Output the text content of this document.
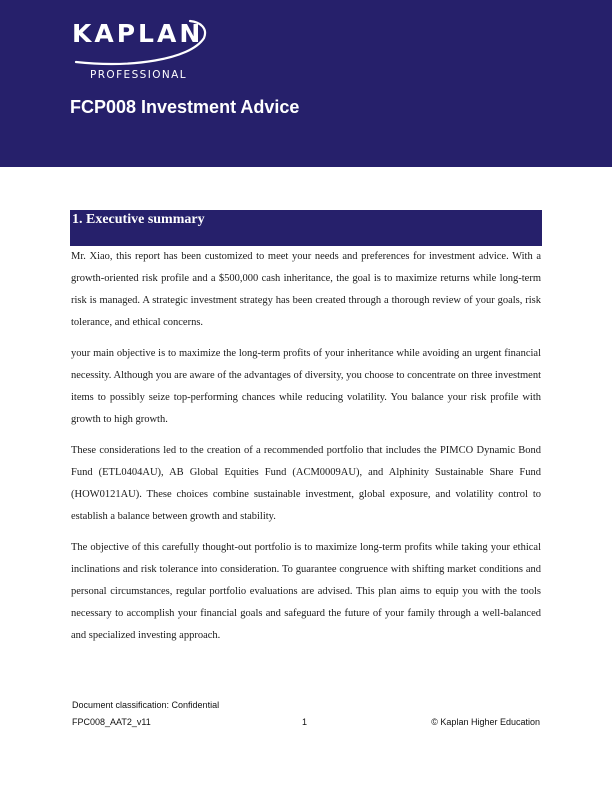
KAPLAN
PROFESSIONAL
FCP008 Investment Advice
1. Executive summary

Mr. Xiao, this report has been customized to meet your needs and preferences for investment advice. With a growth-oriented risk profile and a $500,000 cash inheritance, the goal is to maximize returns while long-term risk is managed. A strategic investment strategy has been created through a thorough review of your goals, risk tolerance, and ethical concerns.

your main objective is to maximize the long-term profits of your inheritance while avoiding an urgent financial necessity. Although you are aware of the advantages of diversity, you choose to concentrate on three investment items to possibly seize top-performing chances while reducing volatility. You balance your risk profile with growth to high growth.

These considerations led to the creation of a recommended portfolio that includes the PIMCO Dynamic Bond Fund (ETL0404AU), AB Global Equities Fund (ACM0009AU), and Alphinity Sustainable Share Fund (HOW0121AU). These choices combine sustainable investment, global exposure, and volatility control to establish a balance between growth and stability.

The objective of this carefully thought-out portfolio is to maximize long-term profits while taking your ethical inclinations and risk tolerance into consideration. To guarantee congruence with shifting market conditions and personal circumstances, regular portfolio evaluations are advised. This plan aims to equip you with the tools necessary to accomplish your financial goals and safeguard the future of your family through a well-balanced and specialized investing approach.

Document classification: Confidential
FPC008_AAT2_v11	1	© Kaplan Higher Education
